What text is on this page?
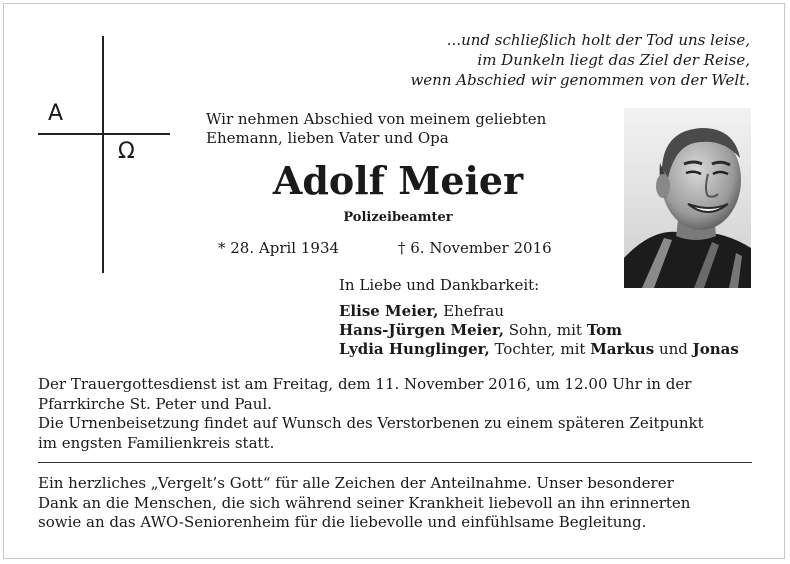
...und schließlich holt der Tod uns leise,
im Dunkeln liegt das Ziel der Reise,
wenn Abschied wir genommen von der Welt.
A
Ω
Wir nehmen Abschied von meinem geliebten
Ehemann, lieben Vater und Opa
Adolf Meier
Polizeibeamter
* 28. April 1934	† 6. November 2016
In Liebe und Dankbarkeit:
Elise Meier, Ehefrau
Hans-Jürgen Meier, Sohn, mit Tom
Lydia Hunglinger, Tochter, mit Markus und Jonas
Der Trauergottesdienst ist am Freitag, dem 11. November 2016, um 12.00 Uhr in der
Pfarrkirche St. Peter und Paul.
Die Urnenbeisetzung findet auf Wunsch des Verstorbenen zu einem späteren Zeitpunkt
im engsten Familienkreis statt.
Ein herzliches „Vergelt’s Gott“ für alle Zeichen der Anteilnahme. Unser besonderer
Dank an die Menschen, die sich während seiner Krankheit liebevoll an ihn erinnerten
sowie an das AWO-Seniorenheim für die liebevolle und einfühlsame Begleitung.
